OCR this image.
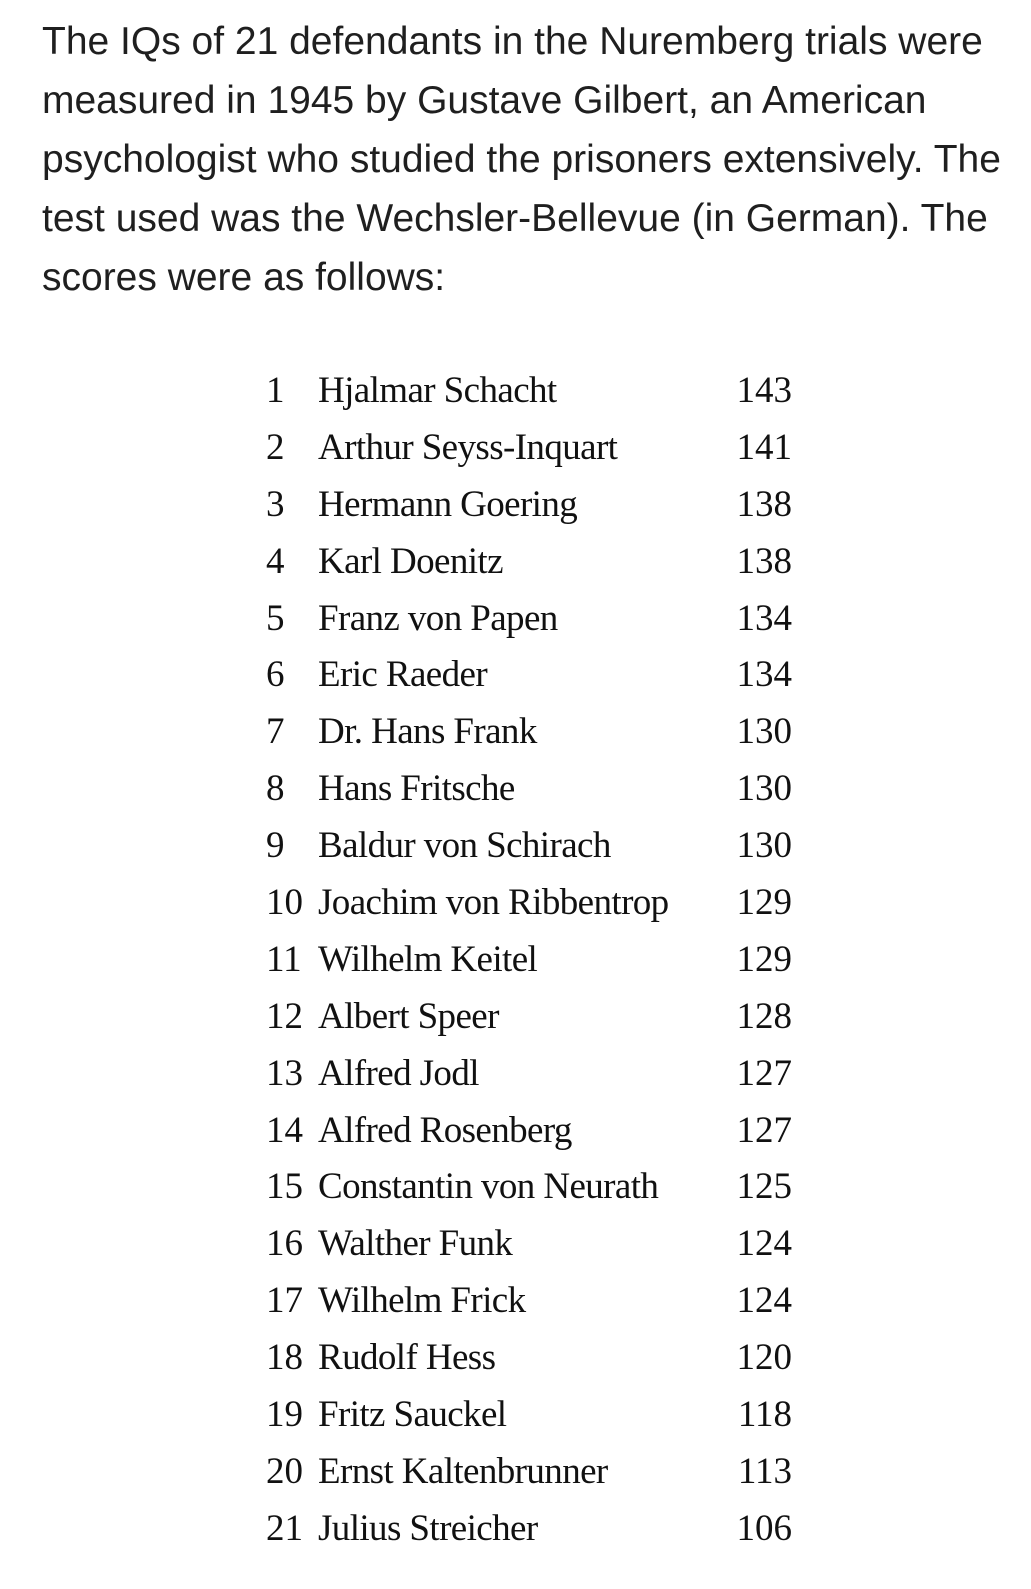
The IQs of 21 defendants in the Nuremberg trials were measured in 1945 by Gustave Gilbert, an American psychologist who studied the prisoners extensively. The test used was the Wechsler-Bellevue (in German). The scores were as follows:

1	Hjalmar Schacht	143
2	Arthur Seyss-Inquart	141
3	Hermann Goering	138
4	Karl Doenitz	138
5	Franz von Papen	134
6	Eric Raeder	134
7	Dr. Hans Frank	130
8	Hans Fritsche	130
9	Baldur von Schirach	130
10	Joachim von Ribbentrop	129
11	Wilhelm Keitel	129
12	Albert Speer	128
13	Alfred Jodl	127
14	Alfred Rosenberg	127
15	Constantin von Neurath	125
16	Walther Funk	124
17	Wilhelm Frick	124
18	Rudolf Hess	120
19	Fritz Sauckel	118
20	Ernst Kaltenbrunner	113
21	Julius Streicher	106
